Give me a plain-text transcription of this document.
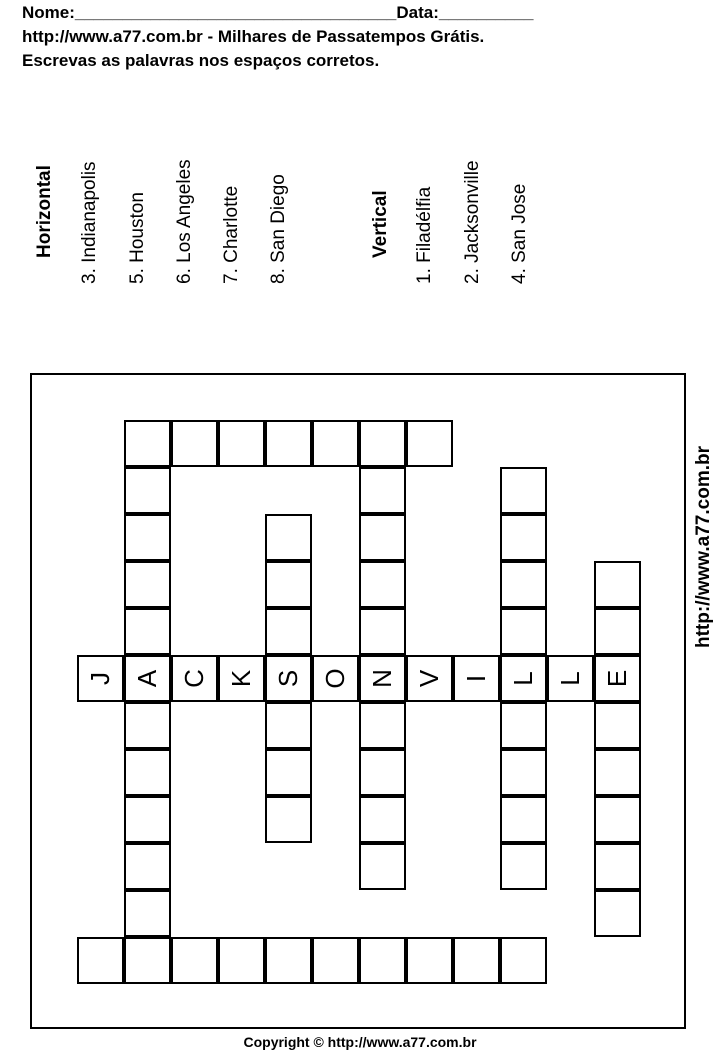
Nome:__________________________________Data:__________
http://www.a77.com.br - Milhares de Passatempos Grátis.
Escrevas as palavras nos espaços corretos.
Horizontal 3. Indianapolis 5. Houston 6. Los Angeles 7. Charlotte 8. San Diego	Vertical 1. Filadélfia 2. Jacksonville 4. San Jose
A	S N	L E
J C K O V I L
http://www.a77.com.br
Copyright © http://www.a77.com.br
